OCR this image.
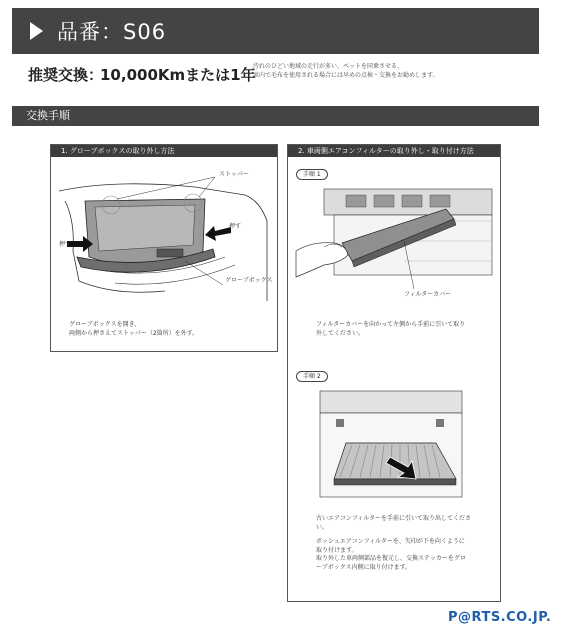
品番：S06
推奨交換：
10,000Kmまたは1年
汚れのひどい地域の走行が多い、ペットを同乗させる、
車内で毛布を使用される場合には早めの点検・交換をお勧めします。
交換手順
1. グローブボックスの取り外し方法
ストッパー
押す
押す
グローブボックス
グローブボックスを開き、
両側から押さえてストッパー（2箇所）を外す。
2. 車両側エアコンフィルターの取り外し・取り付け方法
手順 1
フィルターカバー
フィルターカバーを向かって左側から手前に引いて取り
外してください。
手順 2
古いエアコンフィルターを手前に引いて取り出してくださ
い。
ボッシュエアコンフィルターを、矢印が下を向くように
取り付けます。
取り外した車両側部品を復元し、交換ステッカーをグロ
ーブボックス内側に取り付けます。
P@RTS.CO.JP.
